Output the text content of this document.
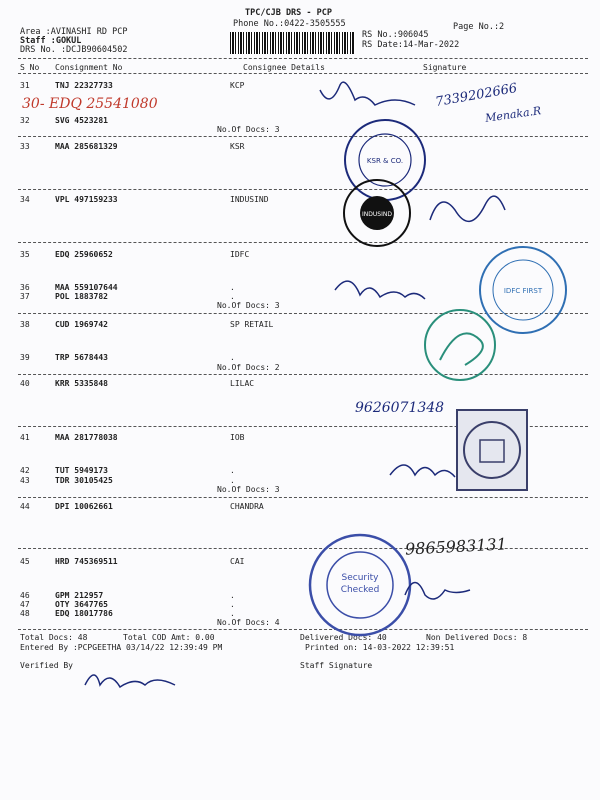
TPC/CJB DRS - PCP
Phone No.:0422-3505555	Page No.:2
Area :AVINASHI RD PCP
Staff :GOKUL
DRS No. :DCJB90604502
RS No.:906045
RS Date:14-Mar-2022
S No Consignment No	Consignee Details	Signature
31	TNJ 22327733	KCP
32	SVG 4523281
No.Of Docs: 3
33	MAA 285681329	KSR
34	VPL 497159233	INDUSIND
35	EDQ 25960652	IDFC
36	MAA 559107644	.
37	POL 1883782	.
No.Of Docs: 3
38	CUD 1969742	SP RETAIL
39	TRP 5678443	.
No.Of Docs: 2
40	KRR 5335848	LILAC
41	MAA 281778038	IOB
42	TUT 5949173	.
43	TDR 30105425	.
No.Of Docs: 3
44	DPI 10062661	CHANDRA
45	HRD 745369511	CAI
46	GPM 212957	.
47	OTY 3647765	.
48	EDQ 18017786	.
No.Of Docs: 4
Total Docs: 48	Total COD Amt: 0.00	Delivered Docs: 40	Non Delivered Docs: 8
Entered By :PCPGEETHA 03/14/22 12:39:49 PM	Printed on: 14-03-2022 12:39:51
Verified By	Staff Signature
30- EDQ 25541080	7339202666
Menaka.R
9626071348
9865983131
KSR & CO.
INDUSIND
IDFC FIRST
Security
Checked
